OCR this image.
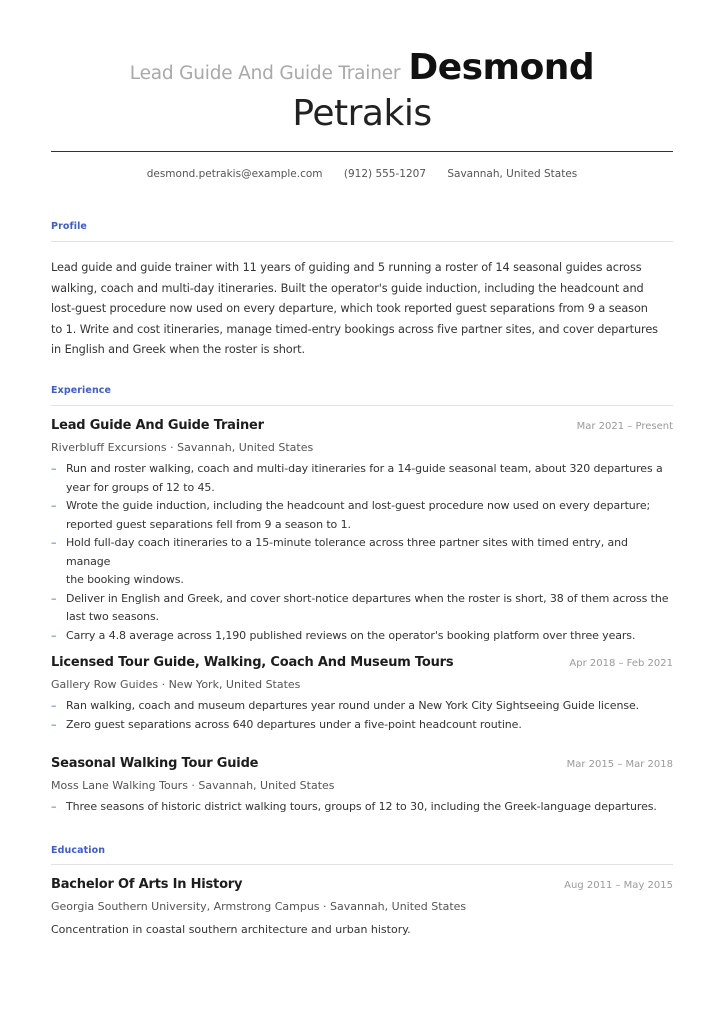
Lead Guide And Guide Trainer Desmond
Petrakis
desmond.petrakis@example.com (912) 555-1207 Savannah, United States
Profile
Lead guide and guide trainer with 11 years of guiding and 5 running a roster of 14 seasonal guides across
walking, coach and multi-day itineraries. Built the operator's guide induction, including the headcount and
lost-guest procedure now used on every departure, which took reported guest separations from 9 a season
to 1. Write and cost itineraries, manage timed-entry bookings across five partner sites, and cover departures
in English and Greek when the roster is short.
Experience
Lead Guide And Guide Trainer	Mar 2021 – Present
Riverbluff Excursions · Savannah, United States
– Run and roster walking, coach and multi-day itineraries for a 14-guide seasonal team, about 320 departures a
year for groups of 12 to 45.
– Wrote the guide induction, including the headcount and lost-guest procedure now used on every departure;
reported guest separations fell from 9 a season to 1.
– Hold full-day coach itineraries to a 15-minute tolerance across three partner sites with timed entry, and manage
the booking windows.
– Deliver in English and Greek, and cover short-notice departures when the roster is short, 38 of them across the
last two seasons.
– Carry a 4.8 average across 1,190 published reviews on the operator's booking platform over three years.
Licensed Tour Guide, Walking, Coach And Museum Tours	Apr 2018 – Feb 2021
Gallery Row Guides · New York, United States
– Ran walking, coach and museum departures year round under a New York City Sightseeing Guide license.
– Zero guest separations across 640 departures under a five-point headcount routine.
Seasonal Walking Tour Guide	Mar 2015 – Mar 2018
Moss Lane Walking Tours · Savannah, United States
– Three seasons of historic district walking tours, groups of 12 to 30, including the Greek-language departures.
Education
Bachelor Of Arts In History	Aug 2011 – May 2015
Georgia Southern University, Armstrong Campus · Savannah, United States
Concentration in coastal southern architecture and urban history.
